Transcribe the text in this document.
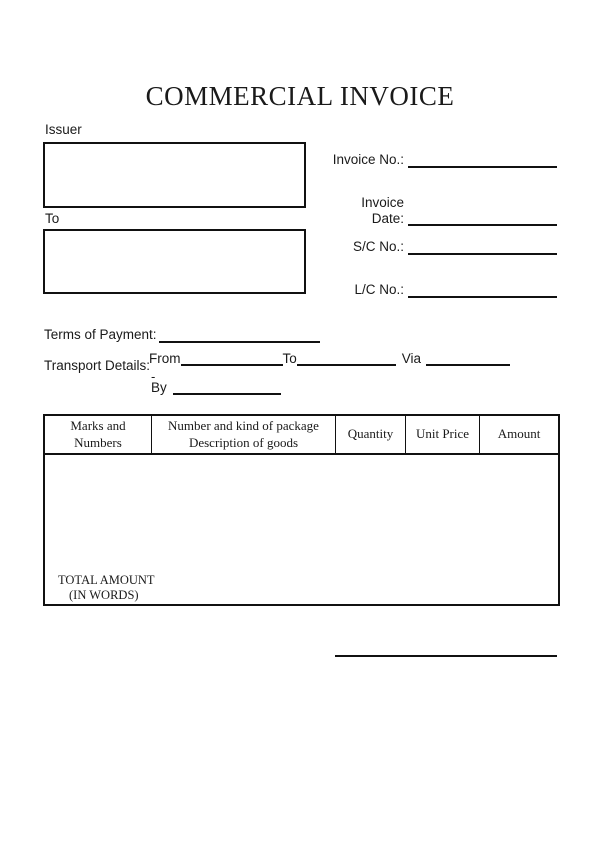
COMMERCIAL INVOICE
Issuer
To
Invoice No.:
Invoice Date:
S/C No.:
L/C No.:
Terms of Payment:
Transport Details:
From	To	Via
-
By
Marks and Numbers
Number and kind of package
Description of goods
Quantity Unit Price Amount
TOTAL AMOUNT
(IN WORDS)
